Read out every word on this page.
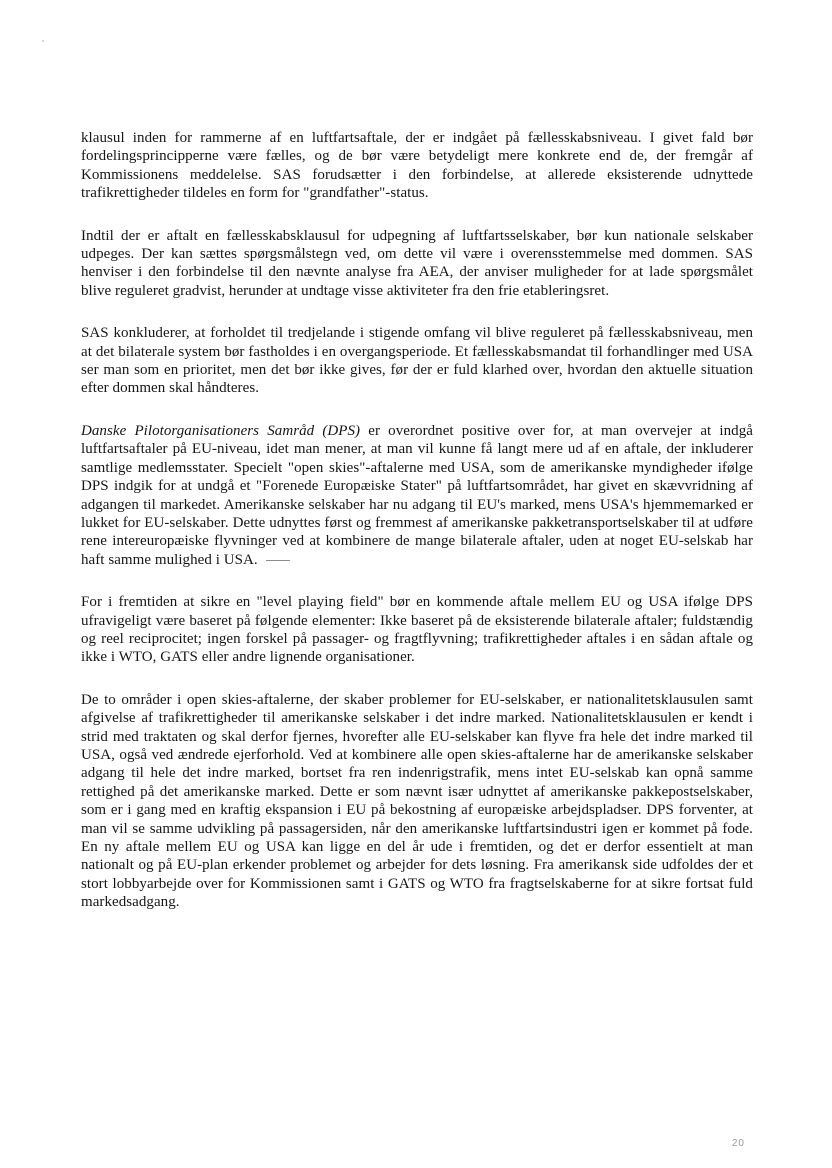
klausul inden for rammerne af en luftfartsaftale, der er indgået på fællesskabsniveau. I givet fald bør fordelingsprincipperne være fælles, og de bør være betydeligt mere konkrete end de, der fremgår af Kommissionens meddelelse. SAS forudsætter i den forbindelse, at allerede eksisterende udnyttede trafikrettigheder tildeles en form for "grandfather"-status.

Indtil der er aftalt en fællesskabsklausul for udpegning af luftfartsselskaber, bør kun nationale selskaber udpeges. Der kan sættes spørgsmålstegn ved, om dette vil være i overensstemmelse med dommen. SAS henviser i den forbindelse til den nævnte analyse fra AEA, der anviser muligheder for at lade spørgsmålet blive reguleret gradvist, herunder at undtage visse aktiviteter fra den frie etableringsret.

SAS konkluderer, at forholdet til tredjelande i stigende omfang vil blive reguleret på fællesskabsniveau, men at det bilaterale system bør fastholdes i en overgangsperiode. Et fællesskabsmandat til forhandlinger med USA ser man som en prioritet, men det bør ikke gives, før der er fuld klarhed over, hvordan den aktuelle situation efter dommen skal håndteres.

Danske Pilotorganisationers Samråd (DPS) er overordnet positive over for, at man overvejer at indgå luftfartsaftaler på EU-niveau, idet man mener, at man vil kunne få langt mere ud af en aftale, der inkluderer samtlige medlemsstater. Specielt "open skies"-aftalerne med USA, som de amerikanske myndigheder ifølge DPS indgik for at undgå et "Forenede Europæiske Stater" på luftfartsområdet, har givet en skævvridning af adgangen til markedet. Amerikanske selskaber har nu adgang til EU's marked, mens USA's hjemmemarked er lukket for EU-selskaber. Dette udnyttes først og fremmest af amerikanske pakketransportselskaber til at udføre rene intereuropæiske flyvninger ved at kombinere de mange bilaterale aftaler, uden at noget EU-selskab har haft samme mulighed i USA.

For i fremtiden at sikre en "level playing field" bør en kommende aftale mellem EU og USA ifølge DPS ufravigeligt være baseret på følgende elementer: Ikke baseret på de eksisterende bilaterale aftaler; fuldstændig og reel reciprocitet; ingen forskel på passager- og fragtflyvning; trafikrettigheder aftales i en sådan aftale og ikke i WTO, GATS eller andre lignende organisationer.

De to områder i open skies-aftalerne, der skaber problemer for EU-selskaber, er nationalitetsklausulen samt afgivelse af trafikrettigheder til amerikanske selskaber i det indre marked. Nationalitetsklausulen er kendt i strid med traktaten og skal derfor fjernes, hvorefter alle EU-selskaber kan flyve fra hele det indre marked til USA, også ved ændrede ejerforhold. Ved at kombinere alle open skies-aftalerne har de amerikanske selskaber adgang til hele det indre marked, bortset fra ren indenrigstrafik, mens intet EU-selskab kan opnå samme rettighed på det amerikanske marked. Dette er som nævnt især udnyttet af amerikanske pakkepostselskaber, som er i gang med en kraftig ekspansion i EU på bekostning af europæiske arbejdspladser. DPS forventer, at man vil se samme udvikling på passagersiden, når den amerikanske luftfartsindustri igen er kommet på fode. En ny aftale mellem EU og USA kan ligge en del år ude i fremtiden, og det er derfor essentielt at man nationalt og på EU-plan erkender problemet og arbejder for dets løsning. Fra amerikansk side udfoldes der et stort lobbyarbejde over for Kommissionen samt i GATS og WTO fra fragtselskaberne for at sikre fortsat fuld markedsadgang.

20
